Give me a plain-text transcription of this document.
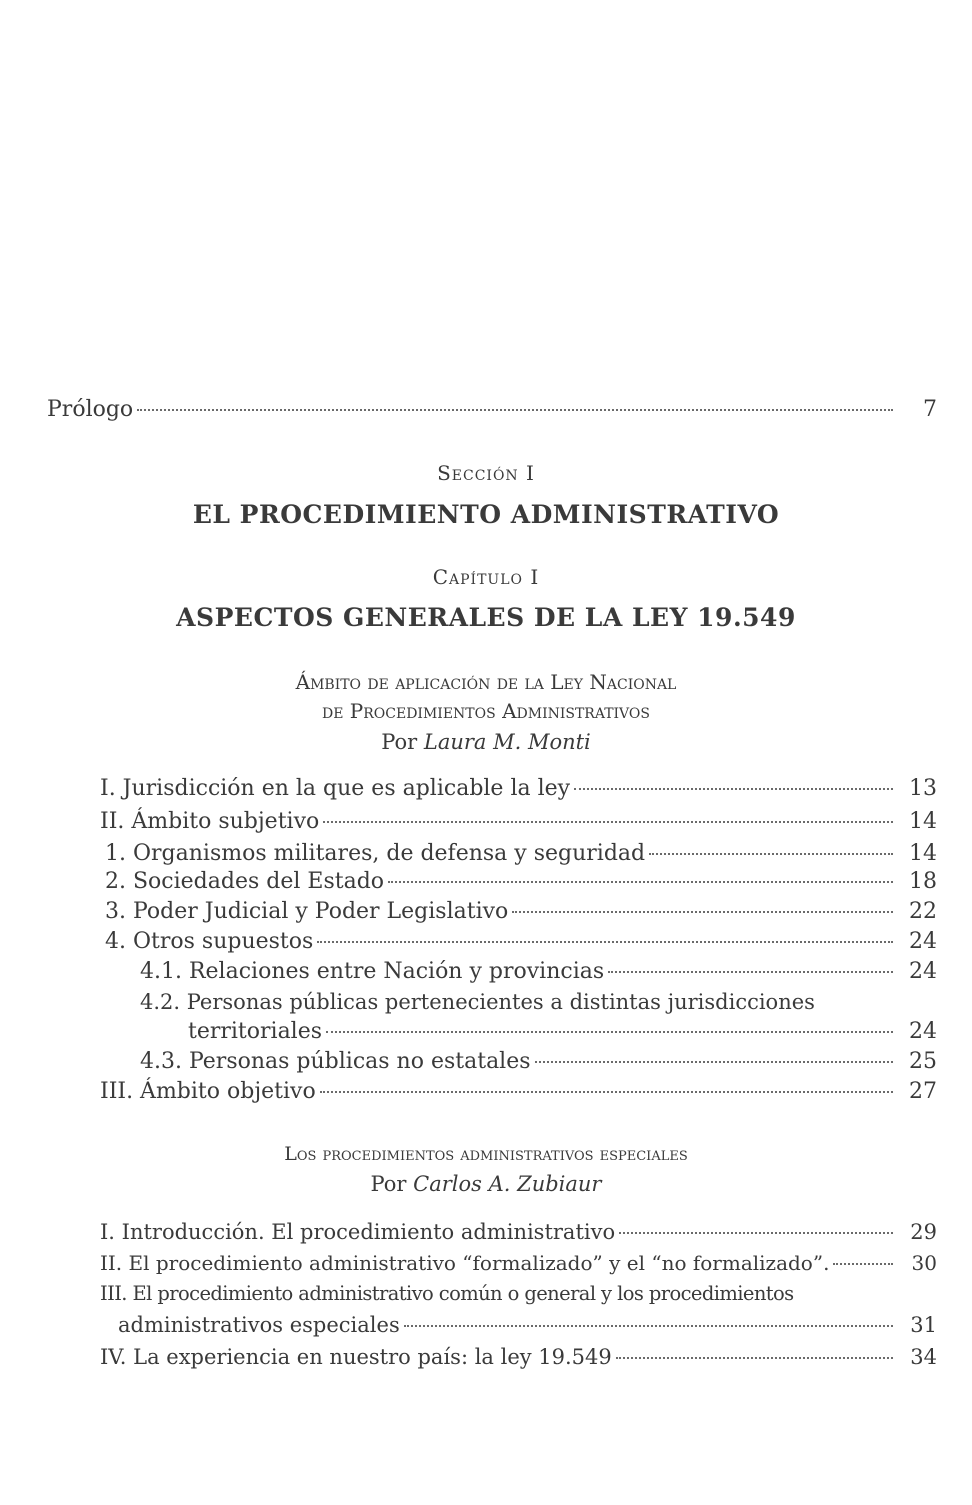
Prólogo	7
Sección I
EL PROCEDIMIENTO ADMINISTRATIVO
Capítulo I
ASPECTOS GENERALES DE LA LEY 19.549
Ámbito de aplicación de la Ley Nacional
de Procedimientos Administrativos
Por Laura M. Monti
I. Jurisdicción en la que es aplicable la ley	13
II. Ámbito subjetivo	14
1. Organismos militares, de defensa y seguridad	14
2. Sociedades del Estado	18
3. Poder Judicial y Poder Legislativo	22
4. Otros supuestos	24
4.1. Relaciones entre Nación y provincias	24
4.2. Personas públicas pertenecientes a distintas jurisdicciones
territoriales	24
4.3. Personas públicas no estatales	25
III. Ámbito objetivo	27
Los procedimientos administrativos especiales
Por Carlos A. Zubiaur
I. Introducción. El procedimiento administrativo	29
II. El procedimiento administrativo “formalizado” y el “no formalizado”.	30
III. El procedimiento administrativo común o general y los procedimientos
administrativos especiales	31
IV. La experiencia en nuestro país: la ley 19.549	34
